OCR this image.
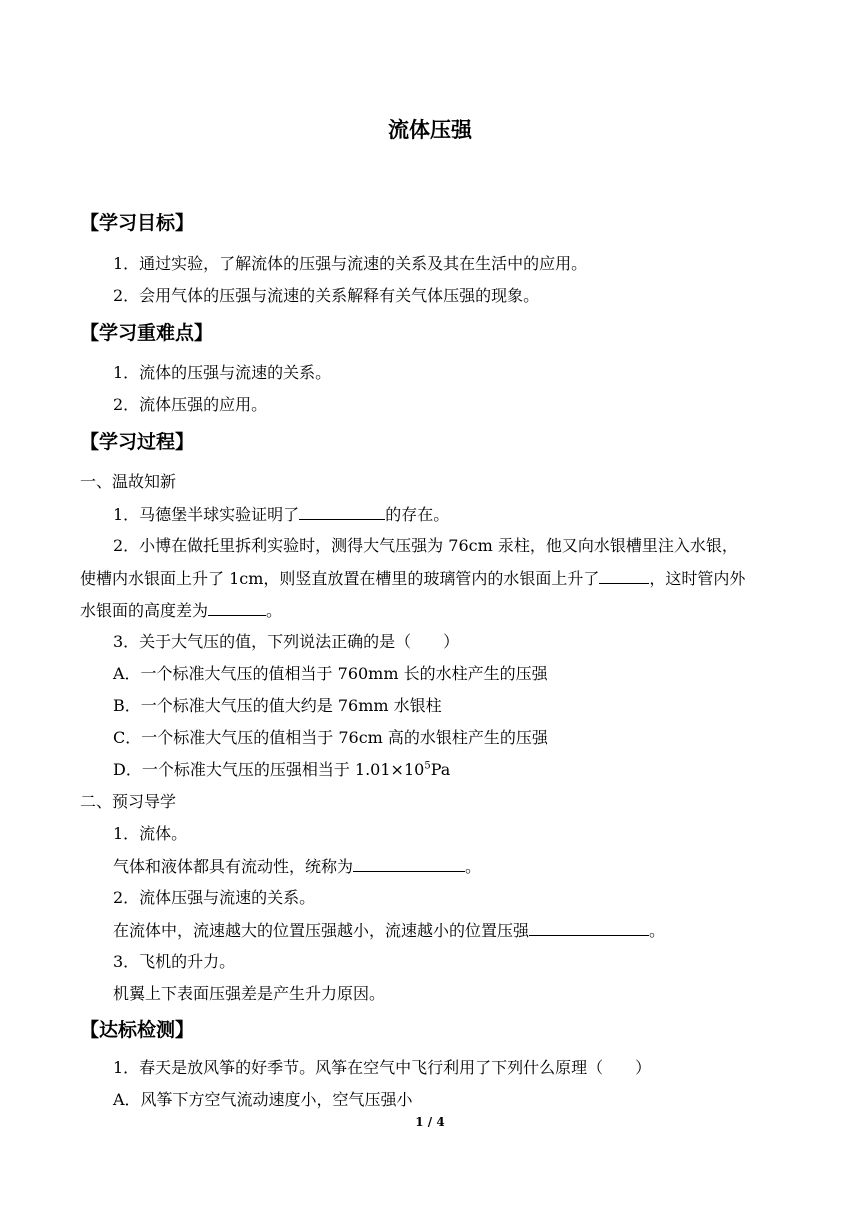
流体压强
【学习目标】
1．通过实验，了解流体的压强与流速的关系及其在生活中的应用。
2．会用气体的压强与流速的关系解释有关气体压强的现象。
【学习重难点】
1．流体的压强与流速的关系。
2．流体压强的应用。
【学习过程】
一、温故知新
1．马德堡半球实验证明了	的存在。
2．小博在做托里拆利实验时，测得大气压强为 76cm 汞柱，他又向水银槽里注入水银，
使槽内水银面上升了 1cm，则竖直放置在槽里的玻璃管内的水银面上升了	，这时管内外
水银面的高度差为	。
3．关于大气压的值，下列说法正确的是（　　）
A．一个标准大气压的值相当于 760mm 长的水柱产生的压强
B．一个标准大气压的值大约是 76mm 水银柱
C．一个标准大气压的值相当于 76cm 高的水银柱产生的压强
D．一个标准大气压的压强相当于 $1.01\times 10^5Pa$
二、预习导学
1．流体。
气体和液体都具有流动性，统称为	。
2．流体压强与流速的关系。
在流体中，流速越大的位置压强越小，流速越小的位置压强	。
3．飞机的升力。
机翼上下表面压强差是产生升力原因。
【达标检测】
1．春天是放风筝的好季节。风筝在空气中飞行利用了下列什么原理（　　）
A．风筝下方空气流动速度小，空气压强小
1 / 4
